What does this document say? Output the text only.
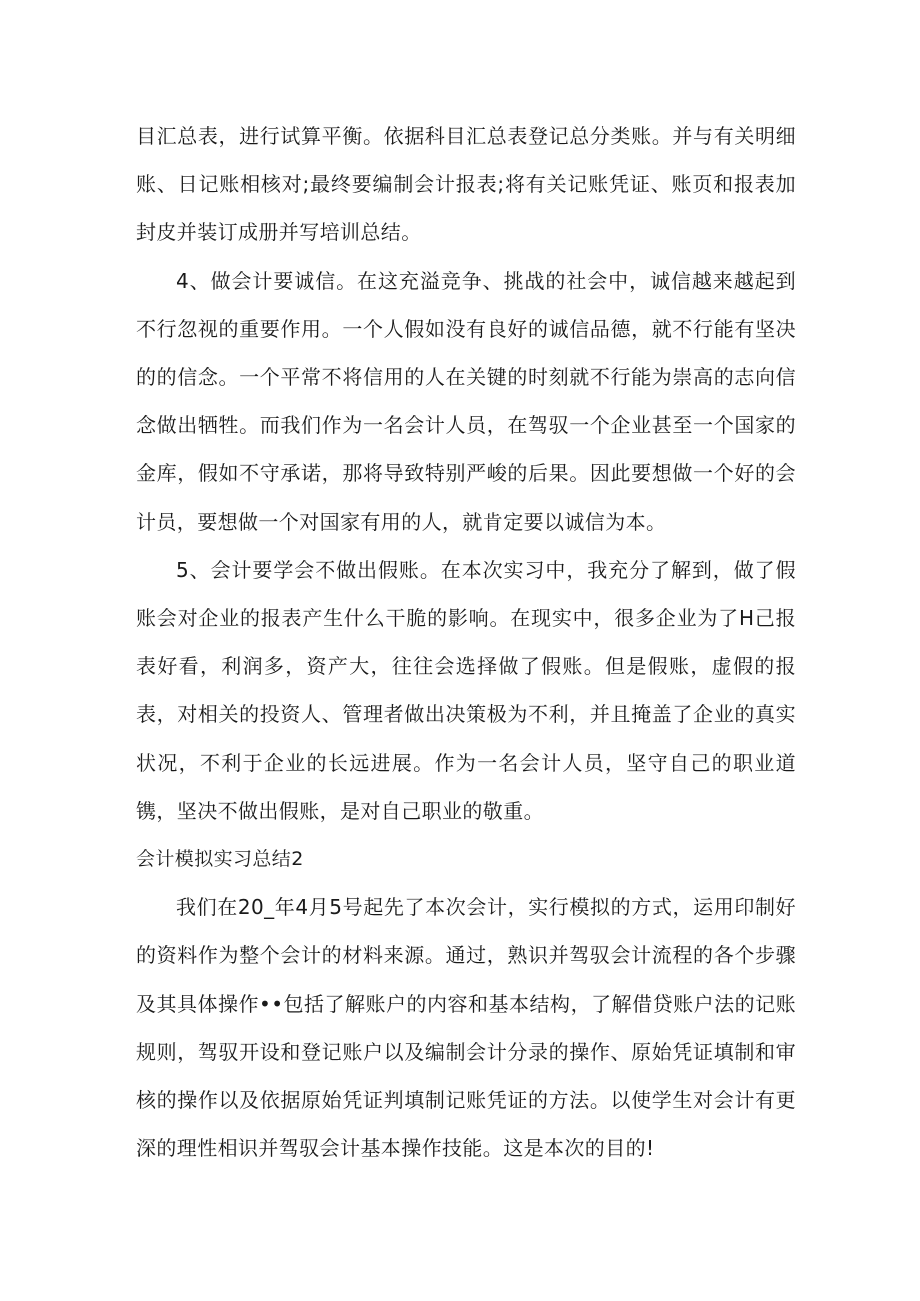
目汇总表，进行试算平衡。依据科目汇总表登记总分类账。并与有关明细账、日记账相核对;最终要编制会计报表;将有关记账凭证、账页和报表加封皮并装订成册并写培训总结。

4、做会计要诚信。在这充溢竞争、挑战的社会中，诚信越来越起到不行忽视的重要作用。一个人假如没有良好的诚信品德，就不行能有坚决的的信念。一个平常不将信用的人在关键的时刻就不行能为崇高的志向信念做出牺牲。而我们作为一名会计人员，在驾驭一个企业甚至一个国家的金库，假如不守承诺，那将导致特别严峻的后果。因此要想做一个好的会计员，要想做一个对国家有用的人，就肯定要以诚信为本。

5、会计要学会不做出假账。在本次实习中，我充分了解到，做了假账会对企业的报表产生什么干脆的影响。在现实中，很多企业为了H己报表好看，利润多，资产大，往往会选择做了假账。但是假账，虚假的报表，对相关的投资人、管理者做出决策极为不利，并且掩盖了企业的真实状况，不利于企业的长远进展。作为一名会计人员，坚守自己的职业道镌，坚决不做出假账，是对自己职业的敬重。

会计模拟实习总结2

我们在20_年4月5号起先了本次会计，实行模拟的方式，运用印制好的资料作为整个会计的材料来源。通过，熟识并驾驭会计流程的各个步骤及其具体操作••包括了解账户的内容和基本结构，了解借贷账户法的记账规则，驾驭开设和登记账户以及编制会计分录的操作、原始凭证填制和审核的操作以及依据原始凭证判填制记账凭证的方法。以使学生对会计有更深的理性相识并驾驭会计基本操作技能。这是本次的目的!
